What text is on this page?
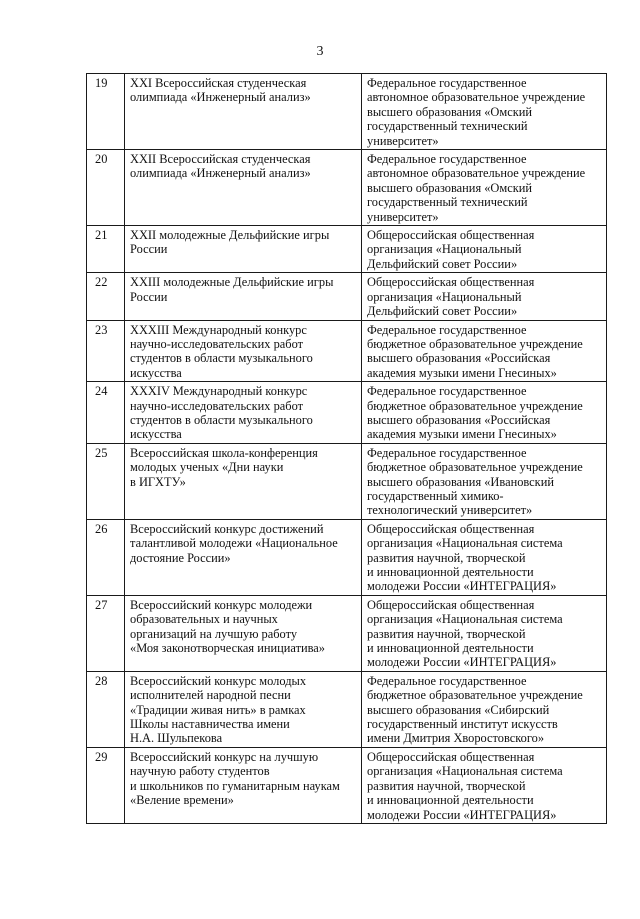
3
19	XXI Всероссийская студенческая
олимпиада «Инженерный анализ»	Федеральное государственное
автономное образовательное учреждение
высшего образования «Омский
государственный технический
университет»

20	XXII Всероссийская студенческая
олимпиада «Инженерный анализ»	Федеральное государственное
автономное образовательное учреждение
высшего образования «Омский
государственный технический
университет»

21	XXII молодежные Дельфийские игры
России	Общероссийская общественная
организация «Национальный
Дельфийский совет России»

22	XXIII молодежные Дельфийские игры
России	Общероссийская общественная
организация «Национальный
Дельфийский совет России»

23	XXXIII Международный конкурс
научно-исследовательских работ
студентов в области музыкального
искусства	Федеральное государственное
бюджетное образовательное учреждение
высшего образования «Российская
академия музыки имени Гнесиных»

24	XXXIV Международный конкурс
научно-исследовательских работ
студентов в области музыкального
искусства	Федеральное государственное
бюджетное образовательное учреждение
высшего образования «Российская
академия музыки имени Гнесиных»

25	Всероссийская школа-конференция
молодых ученых «Дни науки
в ИГХТУ»	Федеральное государственное
бюджетное образовательное учреждение
высшего образования «Ивановский
государственный химико-
технологический университет»

26	Всероссийский конкурс достижений
талантливой молодежи «Национальное
достояние России»	Общероссийская общественная
организация «Национальная система
развития научной, творческой
и инновационной деятельности
молодежи России «ИНТЕГРАЦИЯ»

27	Всероссийский конкурс молодежи
образовательных и научных
организаций на лучшую работу
«Моя законотворческая инициатива»	Общероссийская общественная
организация «Национальная система
развития научной, творческой
и инновационной деятельности
молодежи России «ИНТЕГРАЦИЯ»

28	Всероссийский конкурс молодых
исполнителей народной песни
«Традиции живая нить» в рамках
Школы наставничества имени
Н.А. Шульпекова	Федеральное государственное
бюджетное образовательное учреждение
высшего образования «Сибирский
государственный институт искусств
имени Дмитрия Хворостовского»

29	Всероссийский конкурс на лучшую
научную работу студентов
и школьников по гуманитарным наукам
«Веление времени»	Общероссийская общественная
организация «Национальная система
развития научной, творческой
и инновационной деятельности
молодежи России «ИНТЕГРАЦИЯ»
